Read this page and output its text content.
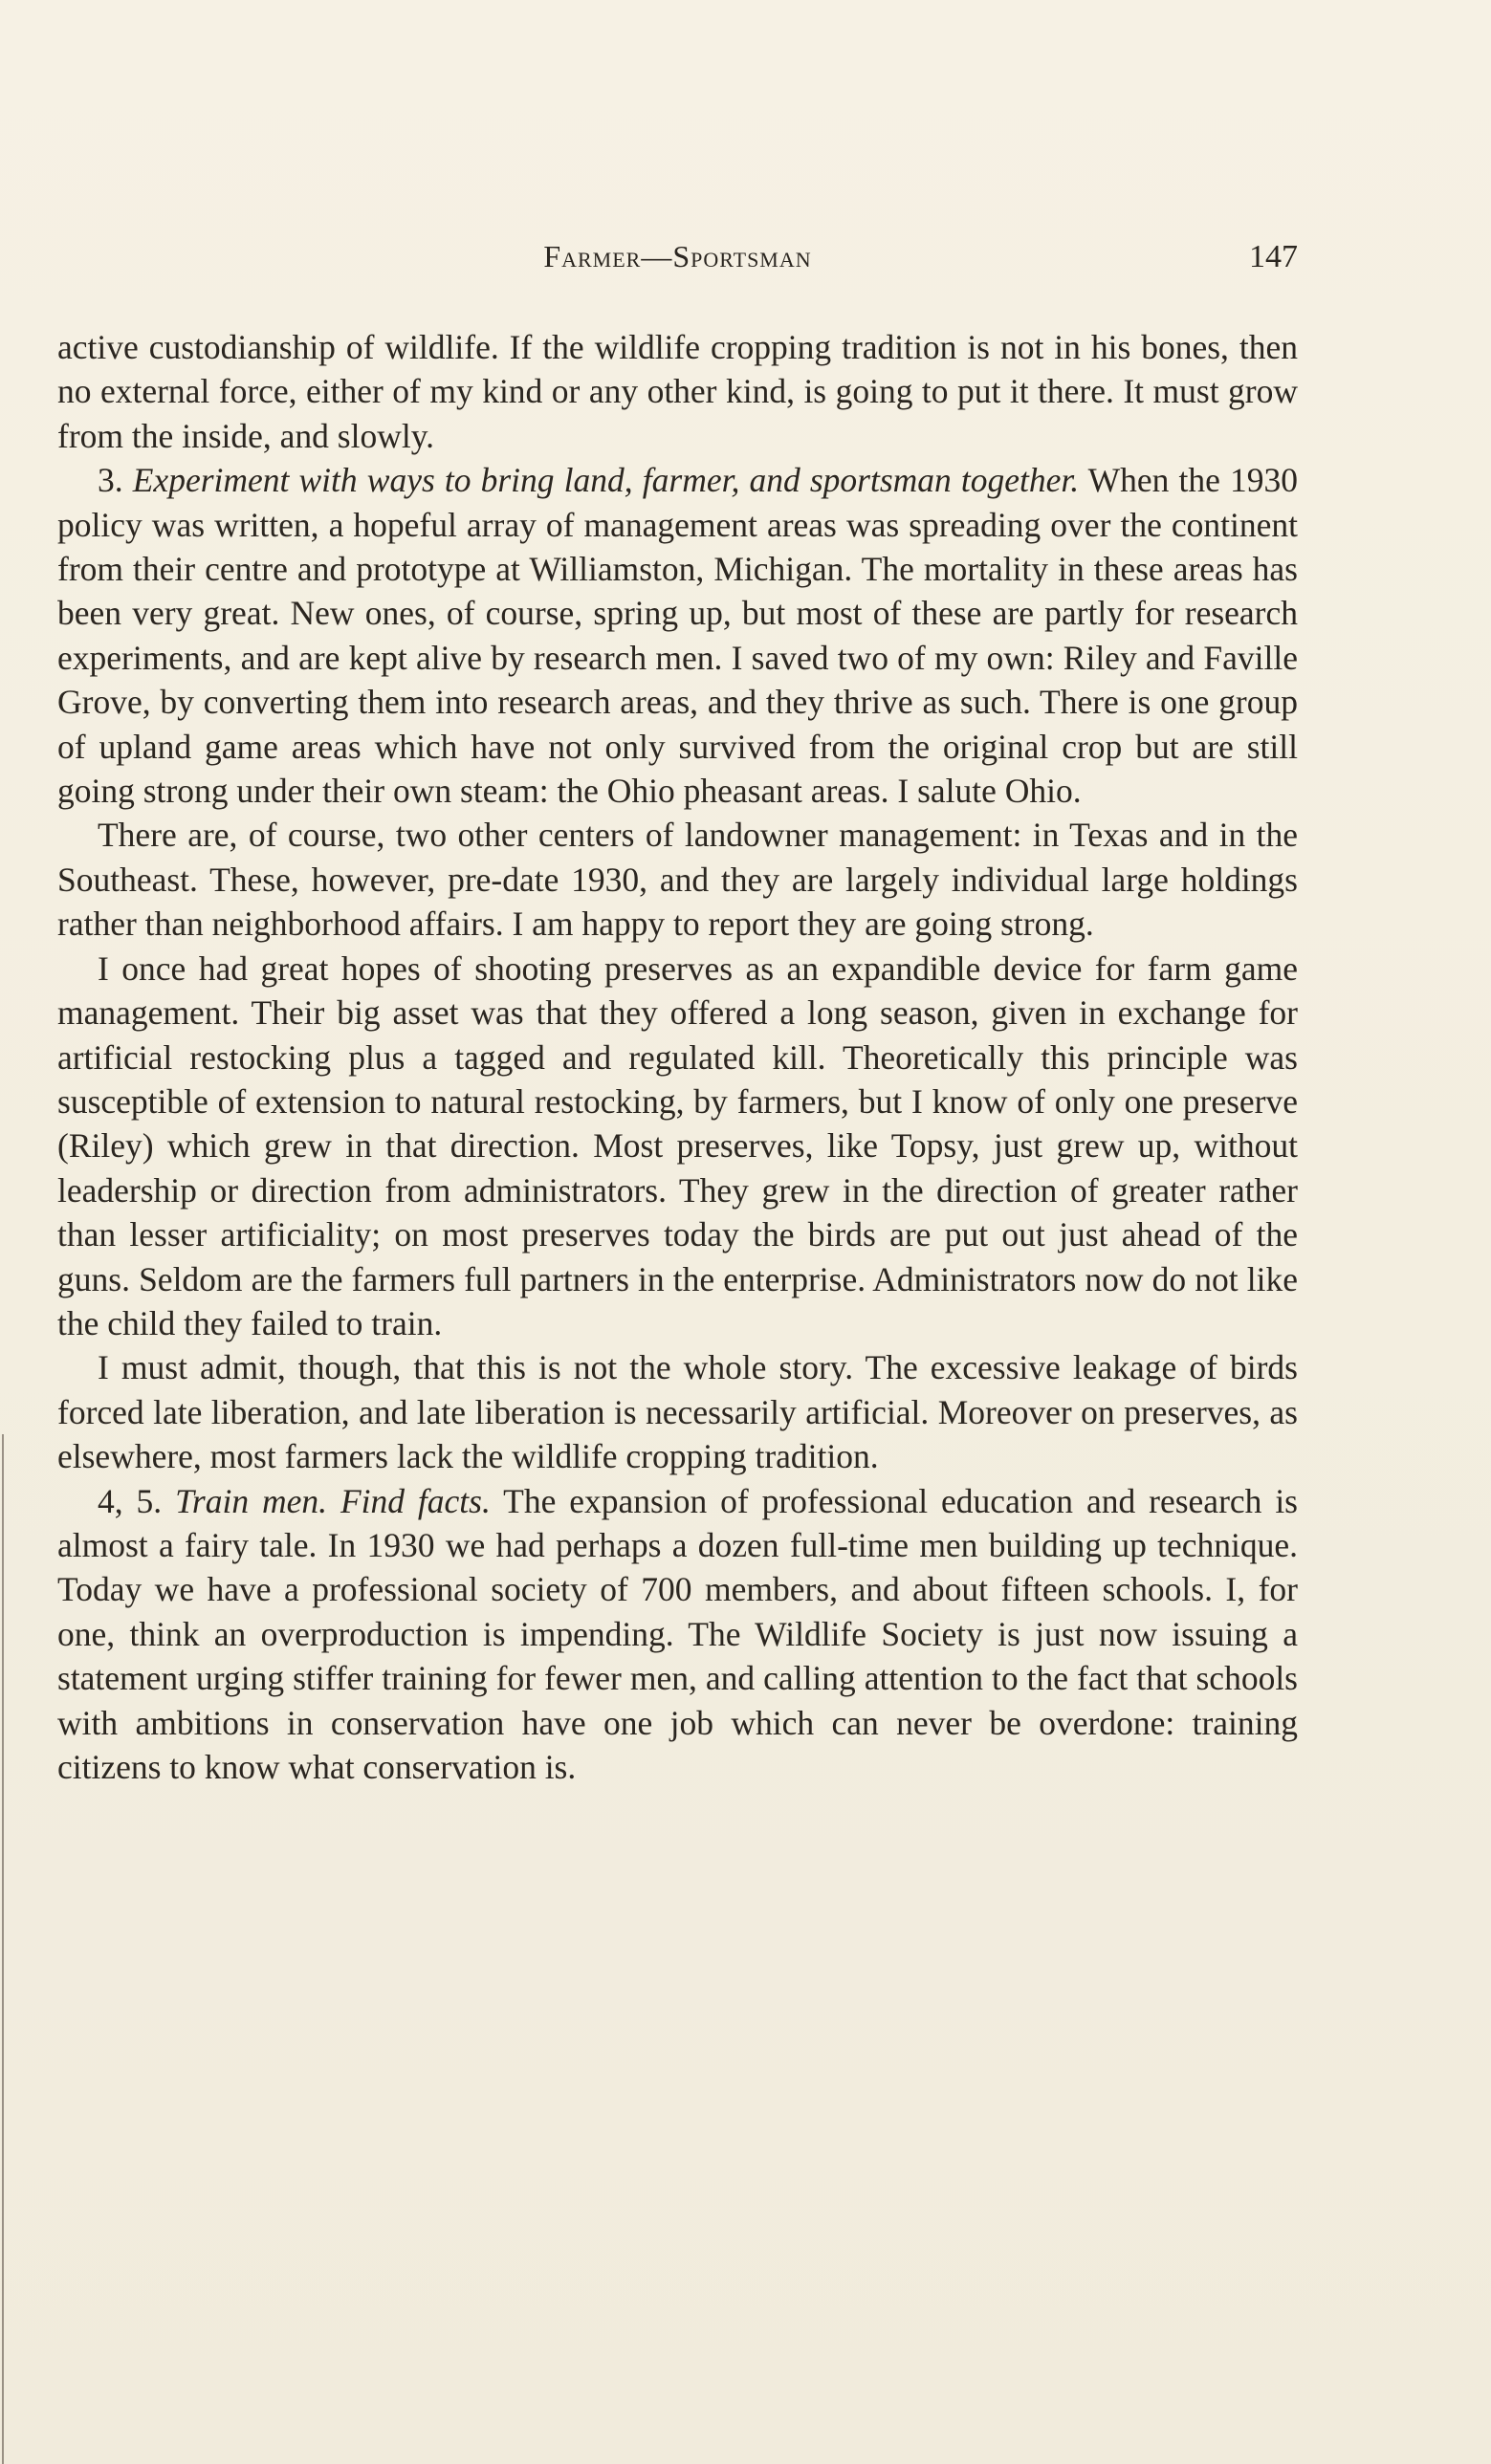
Farmer—Sportsman	147

active custodianship of wildlife. If the wildlife cropping tradition is not in his bones, then no external force, either of my kind or any other kind, is going to put it there. It must grow from the inside, and slowly.

3. Experiment with ways to bring land, farmer, and sportsman together. When the 1930 policy was written, a hopeful array of management areas was spreading over the continent from their centre and prototype at Williamston, Michigan. The mortality in these areas has been very great. New ones, of course, spring up, but most of these are partly for research experiments, and are kept alive by research men. I saved two of my own: Riley and Faville Grove, by converting them into research areas, and they thrive as such. There is one group of upland game areas which have not only survived from the original crop but are still going strong under their own steam: the Ohio pheasant areas. I salute Ohio.

There are, of course, two other centers of landowner management: in Texas and in the Southeast. These, however, pre-date 1930, and they are largely individual large holdings rather than neighborhood affairs. I am happy to report they are going strong.

I once had great hopes of shooting preserves as an expandible device for farm game management. Their big asset was that they offered a long season, given in exchange for artificial restocking plus a tagged and regulated kill. Theoretically this principle was susceptible of extension to natural restocking, by farmers, but I know of only one preserve (Riley) which grew in that direction. Most preserves, like Topsy, just grew up, without leadership or direction from administrators. They grew in the direction of greater rather than lesser artificiality; on most preserves today the birds are put out just ahead of the guns. Seldom are the farmers full partners in the enterprise. Administrators now do not like the child they failed to train.

I must admit, though, that this is not the whole story. The excessive leakage of birds forced late liberation, and late liberation is necessarily artificial. Moreover on preserves, as elsewhere, most farmers lack the wildlife cropping tradition.

4, 5. Train men. Find facts. The expansion of professional education and research is almost a fairy tale. In 1930 we had perhaps a dozen full-time men building up technique. Today we have a professional society of 700 members, and about fifteen schools. I, for one, think an overproduction is impending. The Wildlife Society is just now issuing a statement urging stiffer training for fewer men, and calling attention to the fact that schools with ambitions in conservation have one job which can never be overdone: training citizens to know what conservation is.
